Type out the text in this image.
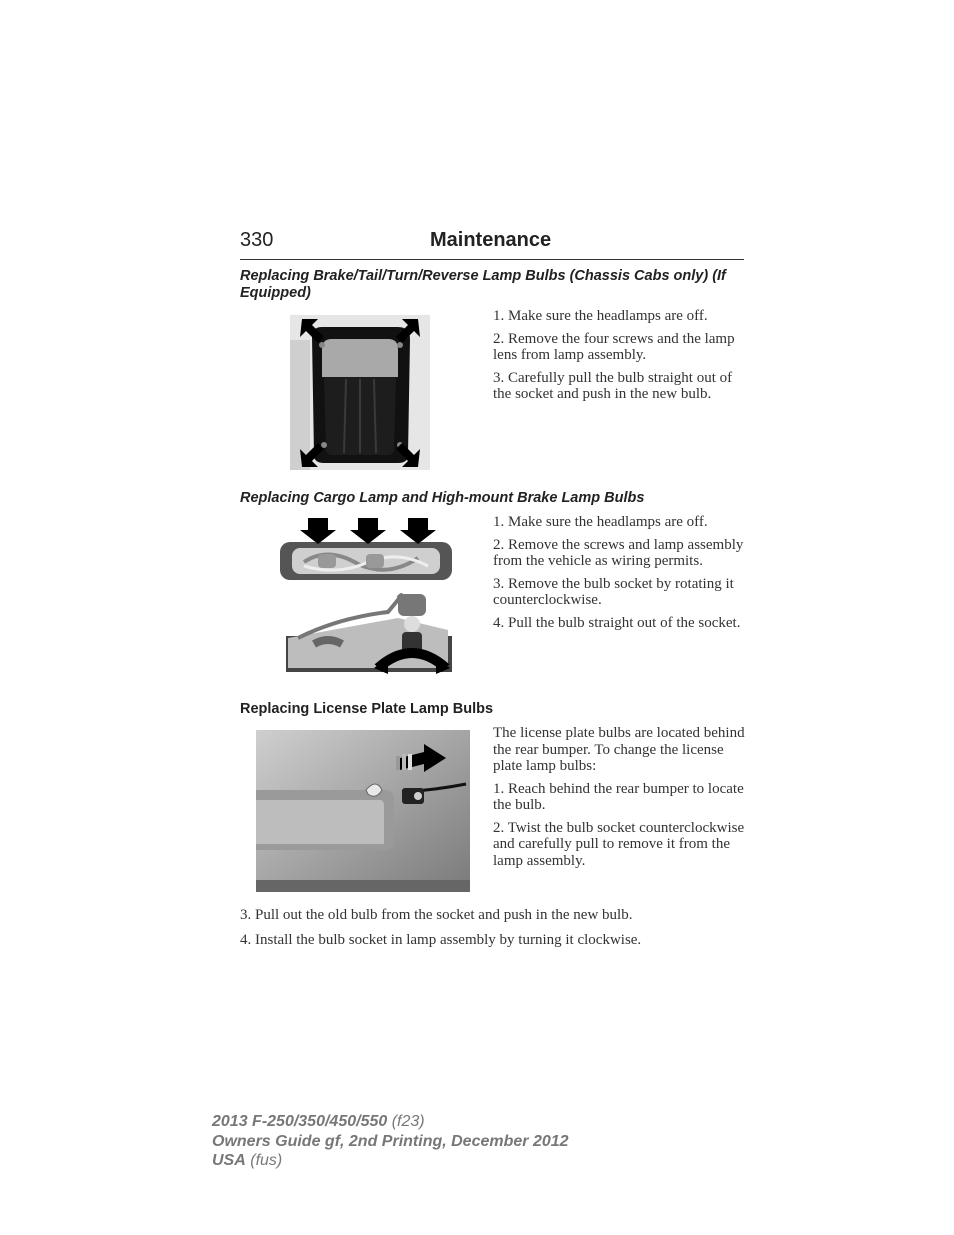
330	Maintenance
Replacing Brake/Tail/Turn/Reverse Lamp Bulbs (Chassis Cabs only) (If Equipped)

1. Make sure the headlamps are off.

2. Remove the four screws and the lamp lens from lamp assembly.

3. Carefully pull the bulb straight out of the socket and push in the new bulb.

Replacing Cargo Lamp and High-mount Brake Lamp Bulbs

1. Make sure the headlamps are off.

2. Remove the screws and lamp assembly from the vehicle as wiring permits.

3. Remove the bulb socket by rotating it counterclockwise.

4. Pull the bulb straight out of the socket.

Replacing License Plate Lamp Bulbs

The license plate bulbs are located behind the rear bumper. To change the license plate lamp bulbs:

1. Reach behind the rear bumper to locate the bulb.

2. Twist the bulb socket counterclockwise and carefully pull to remove it from the lamp assembly.

3. Pull out the old bulb from the socket and push in the new bulb.

4. Install the bulb socket in lamp assembly by turning it clockwise.

2013 F-250/350/450/550 (f23)
Owners Guide gf, 2nd Printing, December 2012
USA (fus)
